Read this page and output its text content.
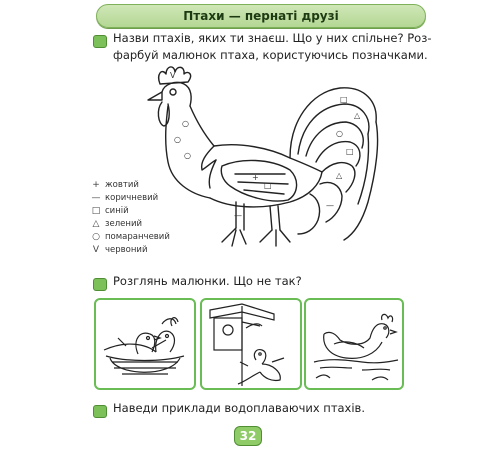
Птахи — пернаті друзі
Назви птахів, яких ти знаєш. Що у них спільне? Роз-
фарбуй малюнок птаха, користуючись позначками.
V
○
○
○
+
□
□
△
○
□
△
—
—
+ жовтий
— коричневий
□ синій
△ зелений
○ помаранчевий
V червоний
Розглянь малюнки. Що не так?
Наведи приклади водоплаваючих птахів.
32
